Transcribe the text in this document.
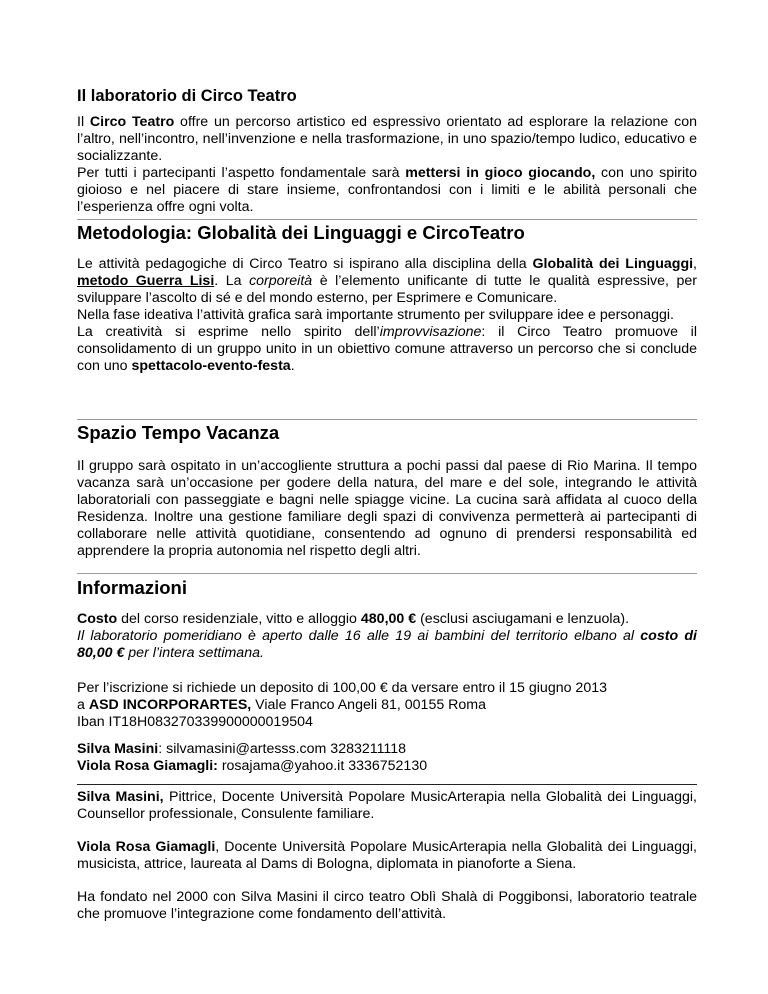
Il laboratorio di Circo Teatro

Il Circo Teatro offre un percorso artistico ed espressivo orientato ad esplorare la relazione con l’altro, nell’incontro, nell’invenzione e nella trasformazione, in uno spazio/tempo ludico, educativo e socializzante.

Per tutti i partecipanti l’aspetto fondamentale sarà mettersi in gioco giocando, con uno spirito gioioso e nel piacere di stare insieme, confrontandosi con i limiti e le abilità personali che l’esperienza offre ogni volta.

Metodologia: Globalità dei Linguaggi e CircoTeatro

Le attività pedagogiche di Circo Teatro si ispirano alla disciplina della Globalità dei Linguaggi, metodo Guerra Lisi. La corporeità è l’elemento unificante di tutte le qualità espressive, per sviluppare l’ascolto di sé e del mondo esterno, per Esprimere e Comunicare.

Nella fase ideativa l’attività grafica sarà importante strumento per sviluppare idee e personaggi.

La creatività si esprime nello spirito dell’improvvisazione: il Circo Teatro promuove il consolidamento di un gruppo unito in un obiettivo comune attraverso un percorso che si conclude con uno spettacolo-evento-festa.

Spazio Tempo Vacanza

Il gruppo sarà ospitato in un’accogliente struttura a pochi passi dal paese di Rio Marina. Il tempo vacanza sarà un’occasione per godere della natura, del mare e del sole, integrando le attività laboratoriali con passeggiate e bagni nelle spiagge vicine. La cucina sarà affidata al cuoco della Residenza. Inoltre una gestione familiare degli spazi di convivenza permetterà ai partecipanti di collaborare nelle attività quotidiane, consentendo ad ognuno di prendersi responsabilità ed apprendere la propria autonomia nel rispetto degli altri.

Informazioni

Costo del corso residenziale, vitto e alloggio 480,00 € (esclusi asciugamani e lenzuola).

Il laboratorio pomeridiano è aperto dalle 16 alle 19 ai bambini del territorio elbano al costo di 80,00 € per l’intera settimana.

Per l’iscrizione si richiede un deposito di 100,00 € da versare entro il 15 giugno 2013

a ASD INCORPORARTES, Viale Franco Angeli 81, 00155 Roma

Iban IT18H083270339900000019504

Silva Masini: silvamasini@artesss.com 3283211118

Viola Rosa Giamagli: rosajama@yahoo.it 3336752130

Silva Masini, Pittrice, Docente Università Popolare MusicArterapia nella Globalità dei Linguaggi, Counsellor professionale, Consulente familiare.

Viola Rosa Giamagli, Docente Università Popolare MusicArterapia nella Globalità dei Linguaggi, musicista, attrice, laureata al Dams di Bologna, diplomata in pianoforte a Siena.

Ha fondato nel 2000 con Silva Masini il circo teatro Oblì Shalà di Poggibonsi, laboratorio teatrale che promuove l’integrazione come fondamento dell’attività.
